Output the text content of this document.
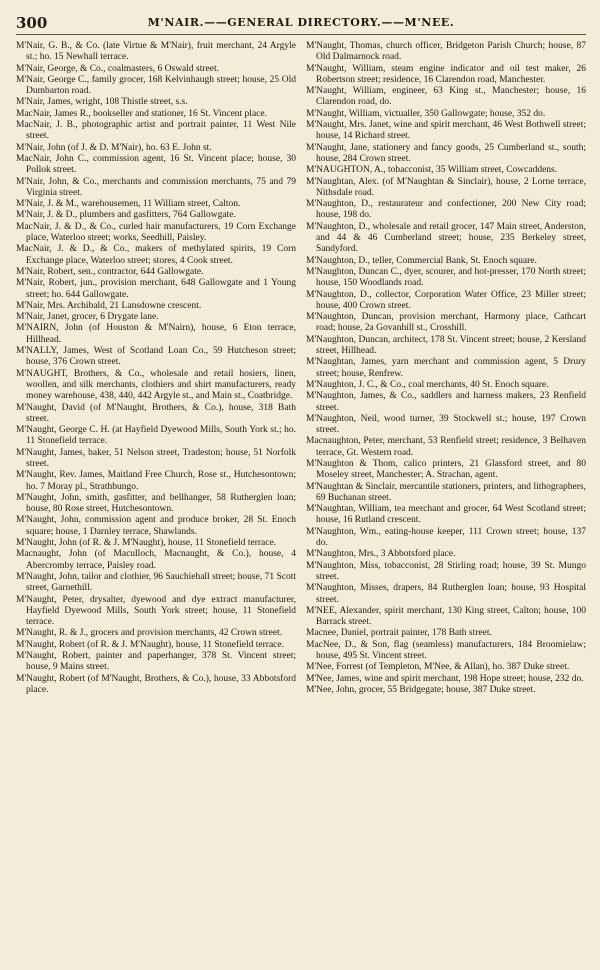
300	M'NAIR.——GENERAL DIRECTORY.——M'NEE.

M'Nair, G. B., & Co. (late Virtue & M'Nair), fruit merchant, 24 Argyle st.; ho. 15 Newhall terrace.

M'Nair, George, & Co., coalmasters, 6 Oswald street.

M'Nair, George C., family grocer, 168 Kelvinhaugh street; house, 25 Old Dumbarton road.

M'Nair, James, wright, 108 Thistle street, s.s.

MacNair, James R., bookseller and stationer, 16 St. Vincent place.

MacNair, J. B., photographic artist and portrait painter, 11 West Nile street.

M'Nair, John (of J. & D. M'Nair), ho. 63 E. John st.

MacNair, John C., commission agent, 16 St. Vincent place; house, 30 Pollok street.

M'Nair, John, & Co., merchants and commission merchants, 75 and 79 Virginia street.

M'Nair, J. & M., warehousemen, 11 William street, Calton.

M'Nair, J. & D., plumbers and gasfitters, 764 Gallowgate.

MacNair, J. & D., & Co., curled hair manufacturers, 19 Corn Exchange place, Waterloo street; works, Seedhill, Paisley.

MacNair, J. & D., & Co., makers of methylated spirits, 19 Corn Exchange place, Waterloo street; stores, 4 Cook street.

M'Nair, Robert, sen., contractor, 644 Gallowgate.

M'Nair, Robert, jun., provision merchant, 648 Gallowgate and 1 Young street; ho. 644 Gallowgate.

M'Nair, Mrs. Archibald, 21 Lansdowne crescent.

M'Nair, Janet, grocer, 6 Drygate lane.

M'NAIRN, John (of Houston & M'Nairn), house, 6 Eton terrace, Hillhead.

M'NALLY, James, West of Scotland Loan Co., 59 Hutcheson street; house, 376 Crown street.

M'NAUGHT, Brothers, & Co., wholesale and retail hosiers, linen, woollen, and silk merchants, clothiers and shirt manufacturers, ready money warehouse, 438, 440, 442 Argyle st., and Main st., Coatbridge.

M'Naught, David (of M'Naught, Brothers, & Co.), house, 318 Bath street.

M'Naught, George C. H. (at Hayfield Dyewood Mills, South York st.; ho. 11 Stonefield terrace.

M'Naught, James, baker, 51 Nelson street, Tradeston; house, 51 Norfolk street.

M'Naught, Rev. James, Maitland Free Church, Rose st., Hutchesontown; ho. 7 Moray pl., Strathbungo.

M'Naught, John, smith, gasfitter, and bellhanger, 58 Rutherglen loan; house, 80 Rose street, Hutchesontown.

M'Naught, John, commission agent and produce broker, 28 St. Enoch square; house, 1 Darnley terrace, Shawlands.

M'Naught, John (of R. & J. M'Naught), house, 11 Stonefield terrace.

Macnaught, John (of Maculloch, Macnaught, & Co.), house, 4 Abercromby terrace, Paisley road.

M'Naught, John, tailor and clothier, 96 Sauchiehall street; house, 71 Scott street, Garnethill.

M'Naught, Peter, drysalter, dyewood and dye extract manufacturer, Hayfield Dyewood Mills, South York street; house, 11 Stonefield terrace.

M'Naught, R. & J., grocers and provision merchants, 42 Crown street.

M'Naught, Robert (of R. & J. M'Naught), house, 11 Stonefield terrace.

M'Naught, Robert, painter and paperhanger, 378 St. Vincent street; house, 9 Mains street.

M'Naught, Robert (of M'Naught, Brothers, & Co.), house, 33 Abbotsford place.

M'Naught, Thomas, church officer, Bridgeton Parish Church; house, 87 Old Dalmarnock road.

M'Naught, William, steam engine indicator and oil test maker, 26 Robertson street; residence, 16 Clarendon road, Manchester.

M'Naught, William, engineer, 63 King st., Manchester; house, 16 Clarendon road, do.

M'Naught, William, victualler, 350 Gallowgate; house, 352 do.

M'Naught, Mrs. Janet, wine and spirit merchant, 46 West Bothwell street; house, 14 Richard street.

M'Naught, Jane, stationery and fancy goods, 25 Cumberland st., south; house, 284 Crown street.

M'NAUGHTON, A., tobacconist, 35 William street, Cowcaddens.

M'Naughtan, Alex. (of M'Naughtan & Sinclair), house, 2 Lorne terrace, Nithsdale road.

M'Naughton, D., restaurateur and confectioner, 200 New City road; house, 198 do.

M'Naughton, D., wholesale and retail grocer, 147 Main street, Anderston, and 44 & 46 Cumberland street; house, 235 Berkeley street, Sandyford.

M'Naughton, D., teller, Commercial Bank, St. Enoch square.

M'Naughton, Duncan C., dyer, scourer, and hot-presser, 170 North street; house, 150 Woodlands road.

M'Naughton, D., collector, Corporation Water Office, 23 Miller street; house, 400 Crown street.

M'Naughton, Duncan, provision merchant, Harmony place, Cathcart road; house, 2a Govanhill st., Crosshill.

M'Naughton, Duncan, architect, 178 St. Vincent street; house, 2 Kersland street, Hillhead.

M'Naughtan, James, yarn merchant and commission agent, 5 Drury street; house, Renfrew.

M'Naughton, J. C., & Co., coal merchants, 40 St. Enoch square.

M'Naughton, James, & Co., saddlers and harness makers, 23 Renfield street.

M'Naughton, Neil, wood turner, 39 Stockwell st.; house, 197 Crown street.

Macnaughton, Peter, merchant, 53 Renfield street; residence, 3 Belhaven terrace, Gt. Western road.

M'Naughton & Thom, calico printers, 21 Glassford street, and 80 Moseley street, Manchester; A. Strachan, agent.

M'Naughtan & Sinclair, mercantile stationers, printers, and lithographers, 69 Buchanan street.

M'Naughtan, William, tea merchant and grocer, 64 West Scotland street; house, 16 Rutland crescent.

M'Naughton, Wm., eating-house keeper, 111 Crown street; house, 137 do.

M'Naughton, Mrs., 3 Abbotsford place.

M'Naughton, Miss, tobacconist, 28 Stirling road; house, 39 St. Mungo street.

M'Naughton, Misses, drapers, 84 Rutherglen loan; house, 93 Hospital street.

M'NEE, Alexander, spirit merchant, 130 King street, Calton; house, 100 Barrack street.

Macnee, Daniel, portrait painter, 178 Bath street.

MacNee, D., & Son, flag (seamless) manufacturers, 184 Broomielaw; house, 495 St. Vincent street.

M'Nee, Forrest (of Templeton, M'Nee, & Allan), ho. 387 Duke street.

M'Nee, James, wine and spirit merchant, 198 Hope street; house, 232 do.

M'Nee, John, grocer, 55 Bridgegate; house, 387 Duke street.
